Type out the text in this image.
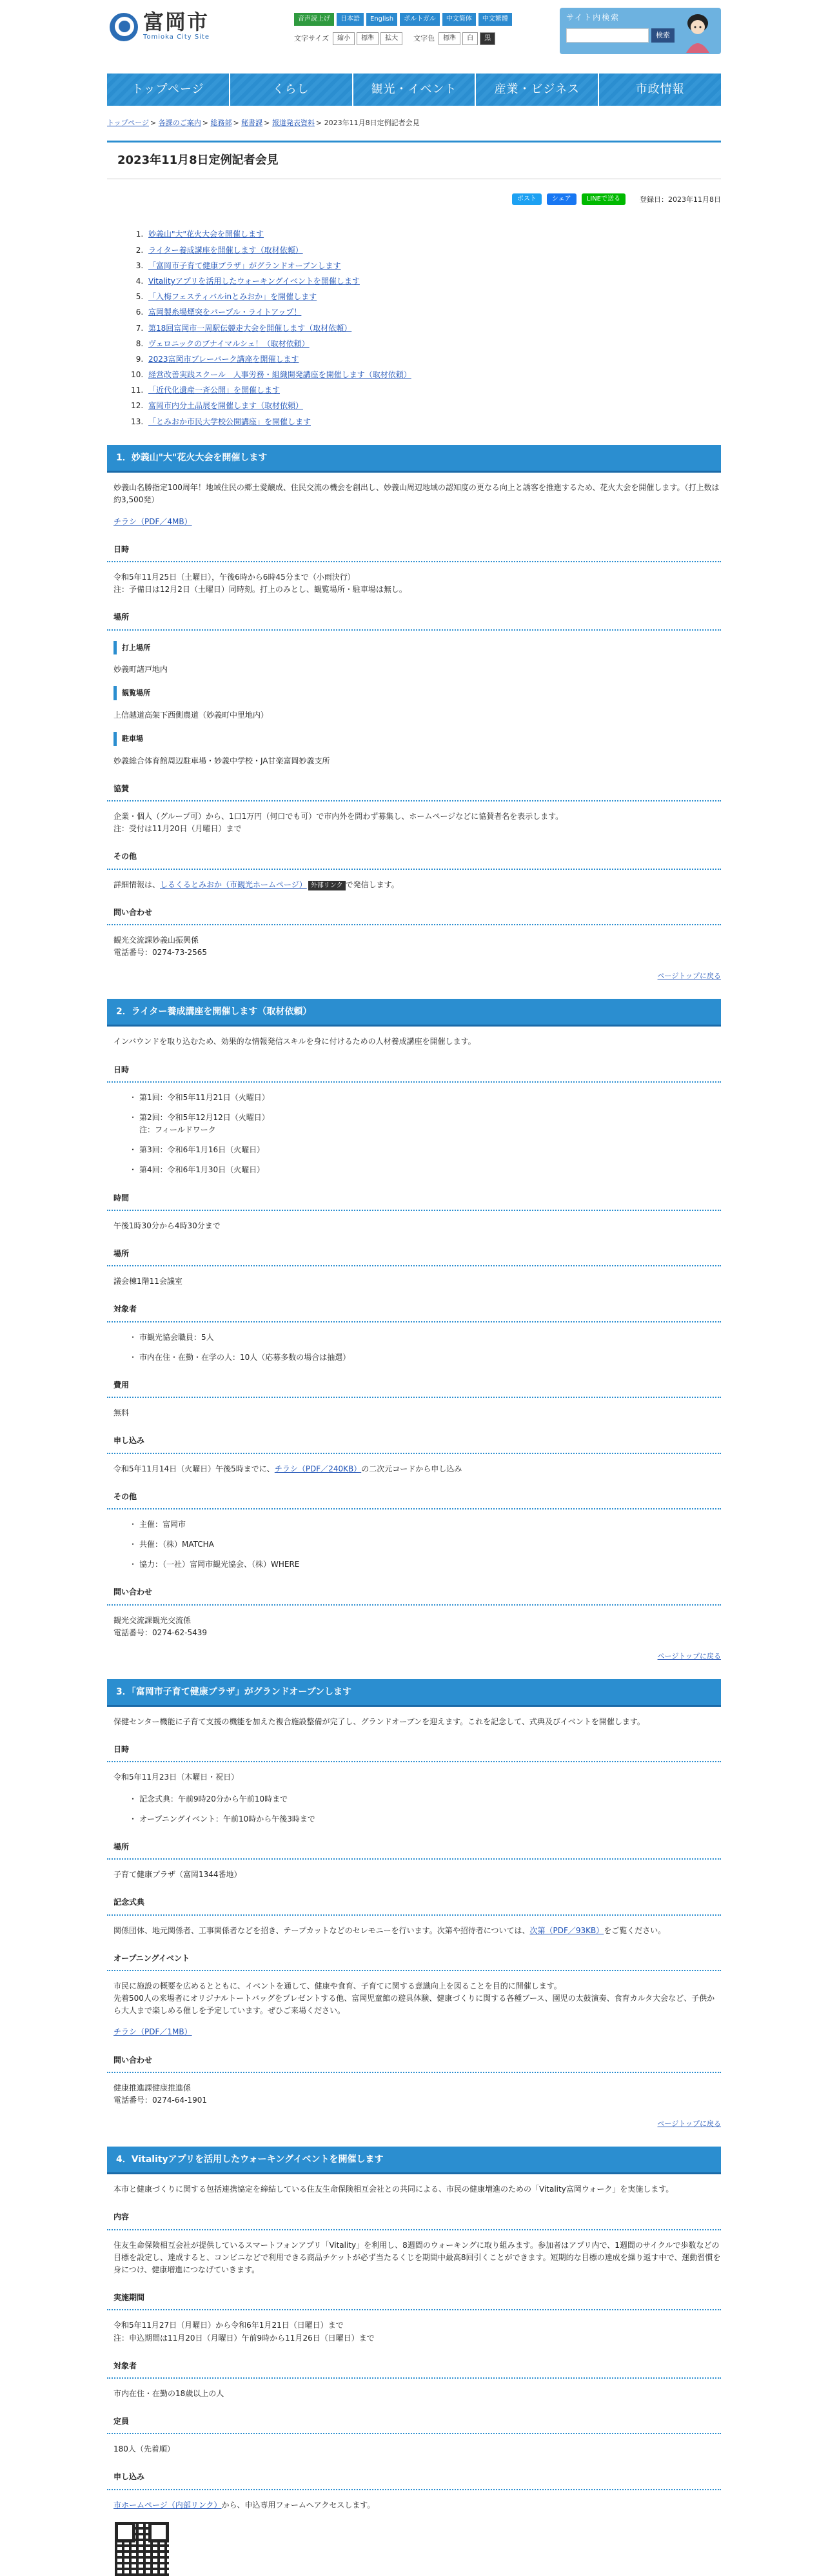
富岡市
Tomioka City Site
音声読上げ	日本語	English	ポルトガル	中文简体	中文繁體
文字サイズ	縮小	標準	拡大	文字色	標準	白	黒
サイト内検索
検索
トップページ	くらし	観光・イベント	産業・ビジネス	市政情報
トップページ > 各課のご案内 > 総務部 > 秘書課 > 報道発表資料 > 2023年11月8日定例記者会見
2023年11月8日定例記者会見
ポスト	シェア	LINEで送る	登録日：2023年11月8日
1. 妙義山"大"花火大会を開催します
2. ライター養成講座を開催します（取材依頼）
3. 「富岡市子育て健康プラザ」がグランドオープンします
4. Vitalityアプリを活用したウォーキングイベントを開催します
5. 「入梅フェスティバルinとみおか」を開催します
6. 富岡製糸場煙突をパープル・ライトアップ！
7. 第18回富岡市一周駅伝競走大会を開催します（取材依頼）
8. ヴェロニックのブナイマルシェ！（取材依頼）
9. 2023富岡市ブレーバーク講座を開催します
10. 経営改善実践スクール　人事労務・組織開発講座を開催します（取材依頼）
11. 「近代化遺産一斉公開」を開催します
12. 富岡市内分土品展を開催します（取材依頼）
13. 「とみおか市民大学校公開講座」を開催します
1．妙義山"大"花火大会を開催します

妙義山名勝指定100周年！地域住民の郷土愛醸成、住民交流の機会を創出し、妙義山周辺地域の認知度の更なる向上と誘客を推進するため、花火大会を開催します。（打上数は約3,500発）

チラシ（PDF／4MB）

日時

令和5年11月25日（土曜日），午後6時から6時45分まで（小雨決行）

注：予備日は12月2日（土曜日）同時刻。打上のみとし、観覧場所・駐車場は無し。

場所
打上場所

妙義町諸戸地内

観覧場所

上信越道高架下西側農道（妙義町中里地内）

駐車場

妙義総合体育館周辺駐車場・妙義中学校・JA甘楽富岡妙義支所

協賛

企業・個人（グループ可）から、1口1万円（何口でも可）で市内外を問わず募集し、ホームページなどに協賛者名を表示します。

注：受付は11月20日（月曜日）まで

その他

詳細情報は、しるくるとみおか（市観光ホームページ） 外部リンク で発信します。

問い合わせ

観光交流課妙義山振興係

電話番号：0274-73-2565

ページトップに戻る
2．ライター養成講座を開催します（取材依頼）

インバウンドを取り込むため、効果的な情報発信スキルを身に付けるための人材養成講座を開催します。

日時
・ 第1回：令和5年11月21日（火曜日）
・ 第2回：令和5年12月12日（火曜日）
注：フィールドワーク
・ 第3回：令和6年1月16日（火曜日）
・ 第4回：令和6年1月30日（火曜日）
時間

午後1時30分から4時30分まで

場所

議会棟1階11会議室

対象者
・ 市観光協会職員：5人
・ 市内在住・在勤・在学の人：10人（応募多数の場合は抽選）
費用

無料

申し込み

令和5年11月14日（火曜日）午後5時までに、チラシ（PDF／240KB）の二次元コードから申し込み

その他
・ 主催：富岡市
・ 共催：（株）MATCHA
・ 協力：（一社）富岡市観光協会、（株）WHERE
問い合わせ

観光交流課観光交流係

電話番号：0274-62-5439

ページトップに戻る
3．「富岡市子育て健康プラザ」がグランドオープンします

保健センター機能に子育て支援の機能を加えた複合施設整備が完了し、グランドオープンを迎えます。これを記念して、式典及びイベントを開催します。

日時

令和5年11月23日（木曜日・祝日）

・ 記念式典：午前9時20分から午前10時まで
・ オープニングイベント：午前10時から午後3時まで
場所

子育て健康プラザ（富岡1344番地）

記念式典

関係団体、地元関係者、工事関係者などを招き、テープカットなどのセレモニーを行います。次第や招待者については、次第（PDF／93KB）をご覧ください。

オープニングイベント

市民に施設の概要を広めるとともに、イベントを通して、健康や食育、子育てに関する意識向上を図ることを目的に開催します。

先着500人の来場者にオリジナルトートバッグをプレゼントする他、富岡児童館の遊具体験、健康づくりに関する各種ブース、園児の太鼓演奏、食育カルタ大会など、子供から大人まで楽しめる催しを予定しています。ぜひご来場ください。

チラシ（PDF／1MB）

問い合わせ

健康推進課健康推進係

電話番号：0274-64-1901

ページトップに戻る
4．Vitalityアプリを活用したウォーキングイベントを開催します

本市と健康づくりに関する包括連携協定を締結している住友生命保険相互会社との共同による、市民の健康増進のための「Vitality富岡ウォーク」を実施します。

内容

住友生命保険相互会社が提供しているスマートフォンアプリ「Vitality」を利用し、8週間のウォーキングに取り組みます。参加者はアプリ内で、1週間のサイクルで歩数などの目標を設定し、達成すると、コンビニなどで利用できる商品チケットが必ず当たるくじを期間中最高8回引くことができます。短期的な目標の達成を繰り返す中で、運動習慣を身につけ、健康増進につなげていきます。

実施期間

令和5年11月27日（月曜日）から令和6年1月21日（日曜日）まで

注：申込期間は11月20日（月曜日）午前9時から11月26日（日曜日）まで

対象者

市内在住・在勤の18歳以上の人

定員

180人（先着順）

申し込み

市ホームページ（内部リンク）から、申込専用フォームへアクセスします。
